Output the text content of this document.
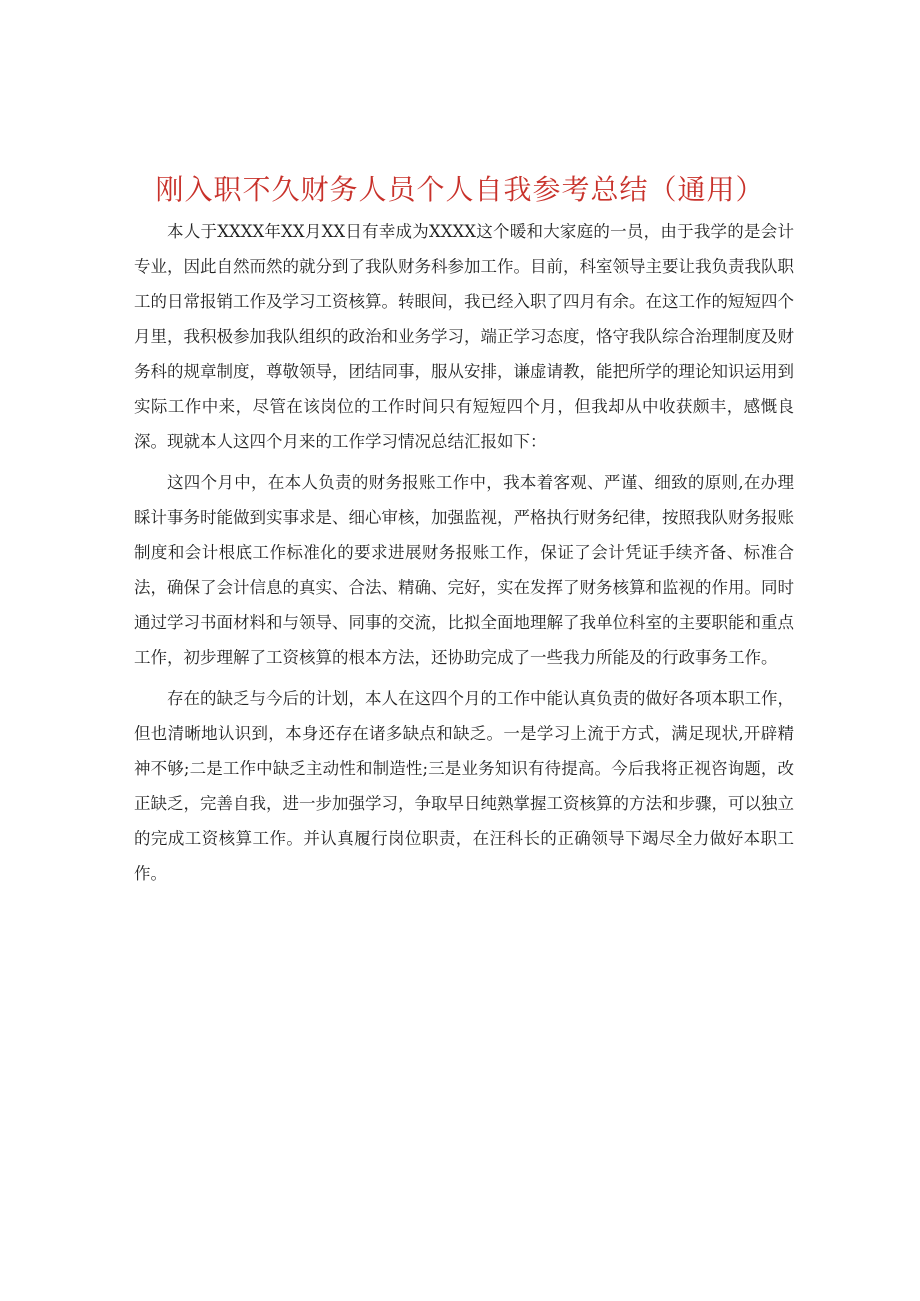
刚入职不久财务人员个人自我参考总结（通用）

本人于XXXX年XX月XX日有幸成为XXXX这个暖和大家庭的一员，由于我学的是会计专业，因此自然而然的就分到了我队财务科参加工作。目前，科室领导主要让我负责我队职工的日常报销工作及学习工资核算。转眼间，我已经入职了四月有余。在这工作的短短四个月里，我积极参加我队组织的政治和业务学习，端正学习态度，恪守我队综合治理制度及财务科的规章制度，尊敬领导，团结同事，服从安排，谦虚请教，能把所学的理论知识运用到实际工作中来，尽管在该岗位的工作时间只有短短四个月，但我却从中收获颇丰，感慨良深。现就本人这四个月来的工作学习情况总结汇报如下：

这四个月中，在本人负责的财务报账工作中，我本着客观、严谨、细致的原则,在办理睬计事务时能做到实事求是、细心审核，加强监视，严格执行财务纪律，按照我队财务报账制度和会计根底工作标准化的要求进展财务报账工作，保证了会计凭证手续齐备、标准合法，确保了会计信息的真实、合法、精确、完好，实在发挥了财务核算和监视的作用。同时通过学习书面材料和与领导、同事的交流，比拟全面地理解了我单位科室的主要职能和重点工作，初步理解了工资核算的根本方法，还协助完成了一些我力所能及的行政事务工作。

存在的缺乏与今后的计划，本人在这四个月的工作中能认真负责的做好各项本职工作，但也清晰地认识到，本身还存在诸多缺点和缺乏。一是学习上流于方式，满足现状,开辟精神不够;二是工作中缺乏主动性和制造性;三是业务知识有待提高。今后我将正视咨询题，改正缺乏，完善自我，进一步加强学习，争取早日纯熟掌握工资核算的方法和步骤，可以独立的完成工资核算工作。并认真履行岗位职责，在汪科长的正确领导下竭尽全力做好本职工作。
